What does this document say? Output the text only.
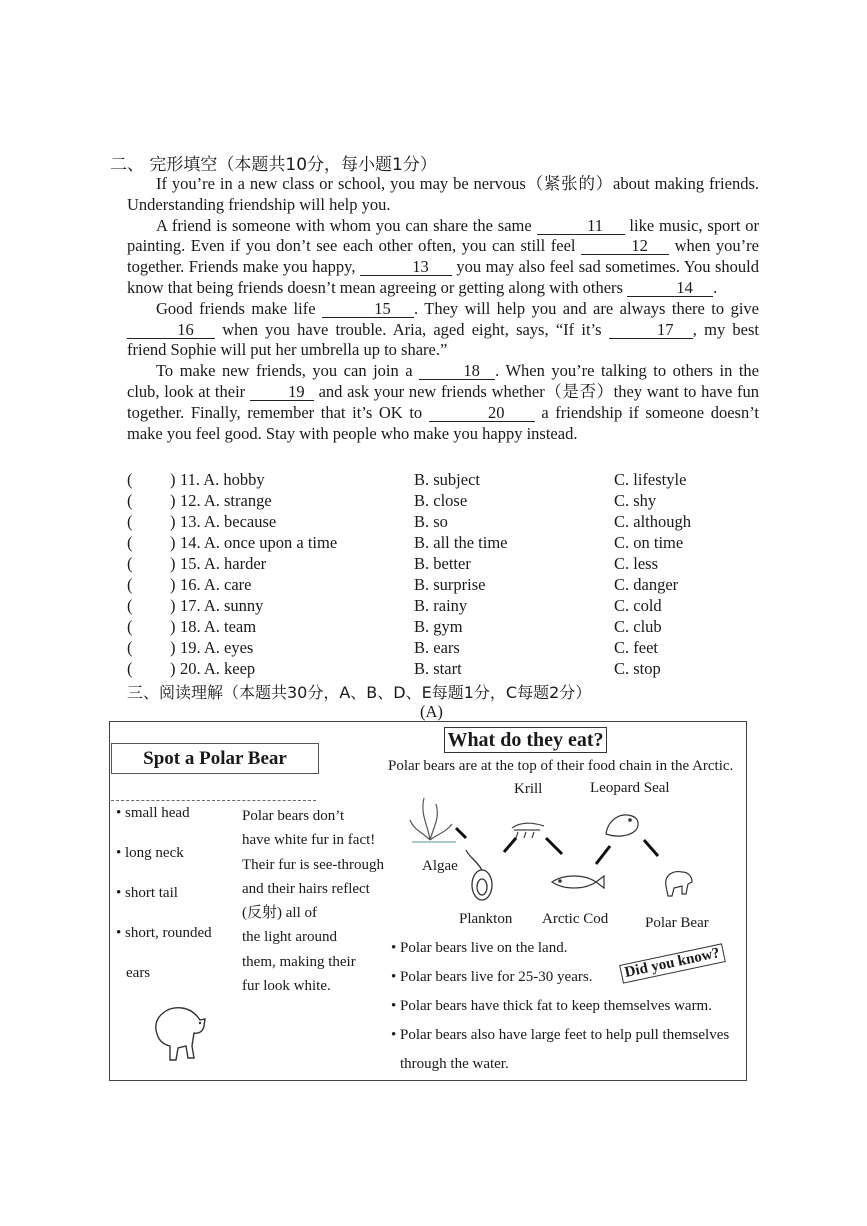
二、 完形填空（本题共10分，每小题1分）

If you’re in a new class or school, you may be nervous（紧张的）about making friends. Understanding friendship will help you.

A friend is someone with whom you can share the same	11 like music, sport or painting. Even if you don’t see each other often, you can still feel	12 when you’re together. Friends make you happy,	13 you may also feel sad sometimes. You should know that being friends doesn’t mean agreeing or getting along with others	14 .

Good friends make life	15 . They will help you and are always there to give 16 when you have trouble. Aria, aged eight, says, “If it’s	17 , my best friend Sophie will put her umbrella up to share.”

To make new friends, you can join a	18 . When you’re talking to others in the club, look at their 19 and ask your new friends whether（是否）they want to have fun together. Finally, remember that it’s OK to	20 a friendship if someone doesn’t make you feel good. Stay with people who make you happy instead.

( ) 11. A. hobby	B. subject	C. lifestyle
( ) 12. A. strange	B. close	C. shy
( ) 13. A. because	B. so	C. although
( ) 14. A. once upon a time	B. all the time	C. on time
( ) 15. A. harder	B. better	C. less
( ) 16. A. care	B. surprise	C. danger
( ) 17. A. sunny	B. rainy	C. cold
( ) 18. A. team	B. gym	C. club
( ) 19. A. eyes	B. ears	C. feet
( ) 20. A. keep	B. start	C. stop
三、阅读理解（本题共30分，A、B、D、E每题1分，C每题2分）
(A)
Spot a Polar Bear
• small head
• long neck
• short tail
• short, rounded
ears
Polar bears don’t
have white fur in fact!
Their fur is see-through
and their hairs reflect
(反射) all of
the light around
them, making their
fur look white.
What do they eat?
Polar bears are at the top of their food chain in the Arctic.
Krill	Leopard Seal
Algae
Plankton Arctic Cod Polar Bear
Did you know?
• Polar bears live on the land.
• Polar bears live for 25-30 years.
• Polar bears have thick fat to keep themselves warm.
• Polar bears also have large feet to help pull themselves
through the water.
